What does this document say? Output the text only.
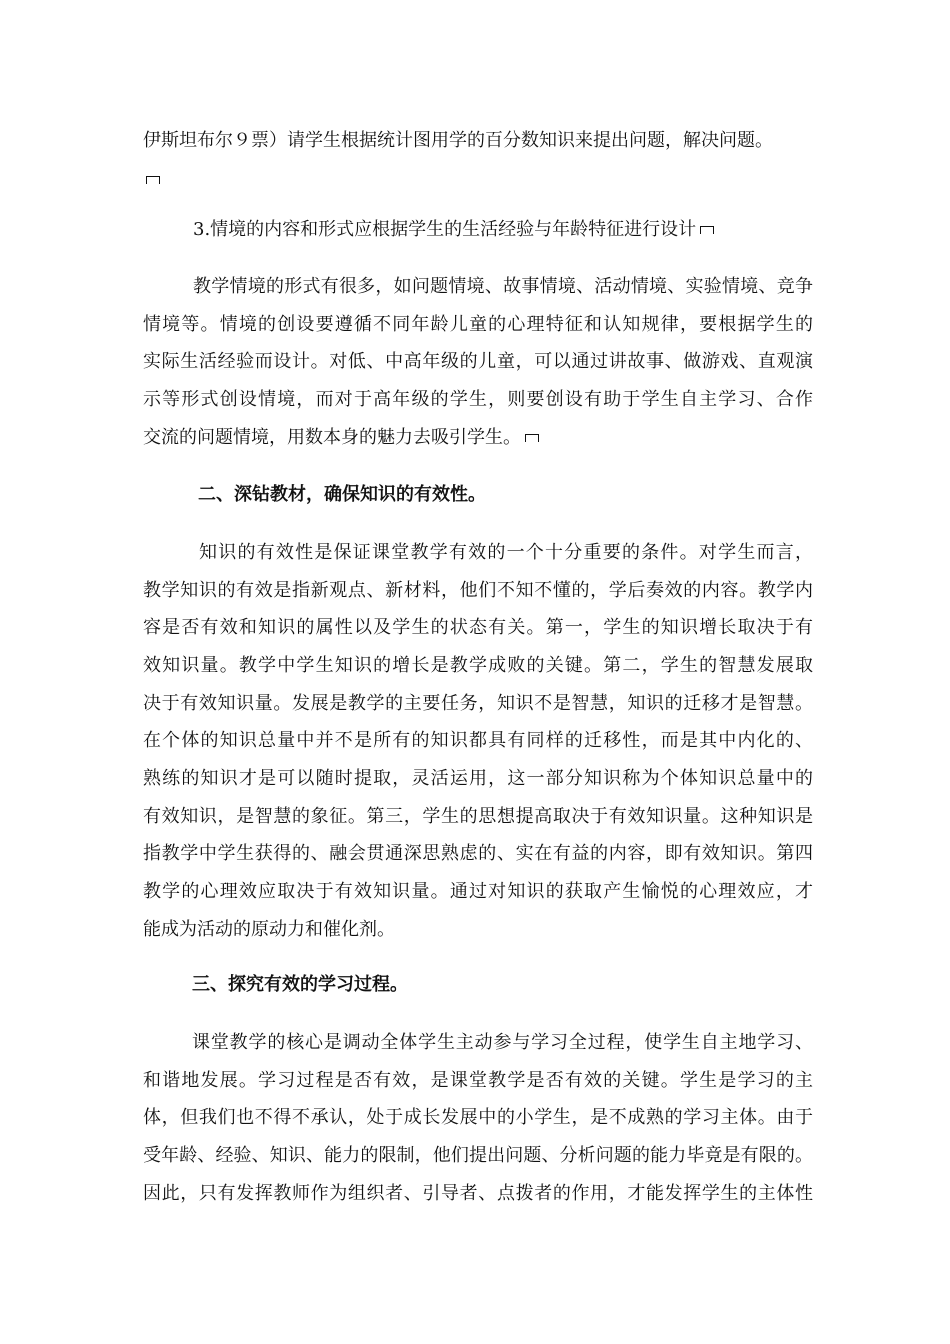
伊斯坦布尔９票）请学生根据统计图用学的百分数知识来提出问题，解决问题。
3.情境的内容和形式应根据学生的生活经验与年龄特征进行设计
教学情境的形式有很多，如问题情境、故事情境、活动情境、实验情境、竞争
情境等。情境的创设要遵循不同年龄儿童的心理特征和认知规律，要根据学生的
实际生活经验而设计。对低、中高年级的儿童，可以通过讲故事、做游戏、直观演
示等形式创设情境，而对于高年级的学生，则要创设有助于学生自主学习、合作
交流的问题情境，用数本身的魅力去吸引学生。
二、深钻教材，确保知识的有效性。
知识的有效性是保证课堂教学有效的一个十分重要的条件。对学生而言，
教学知识的有效是指新观点、新材料，他们不知不懂的，学后奏效的内容。教学内
容是否有效和知识的属性以及学生的状态有关。第一，学生的知识增长取决于有
效知识量。教学中学生知识的增长是教学成败的关键。第二，学生的智慧发展取
决于有效知识量。发展是教学的主要任务，知识不是智慧，知识的迁移才是智慧。
在个体的知识总量中并不是所有的知识都具有同样的迁移性，而是其中内化的、
熟练的知识才是可以随时提取，灵活运用，这一部分知识称为个体知识总量中的
有效知识，是智慧的象征。第三，学生的思想提高取决于有效知识量。这种知识是
指教学中学生获得的、融会贯通深思熟虑的、实在有益的内容，即有效知识。第四
教学的心理效应取决于有效知识量。通过对知识的获取产生愉悦的心理效应，才
能成为活动的原动力和催化剂。
三、探究有效的学习过程。
课堂教学的核心是调动全体学生主动参与学习全过程，使学生自主地学习、
和谐地发展。学习过程是否有效，是课堂教学是否有效的关键。学生是学习的主
体，但我们也不得不承认，处于成长发展中的小学生，是不成熟的学习主体。由于
受年龄、经验、知识、能力的限制，他们提出问题、分析问题的能力毕竟是有限的。
因此，只有发挥教师作为组织者、引导者、点拨者的作用，才能发挥学生的主体性
